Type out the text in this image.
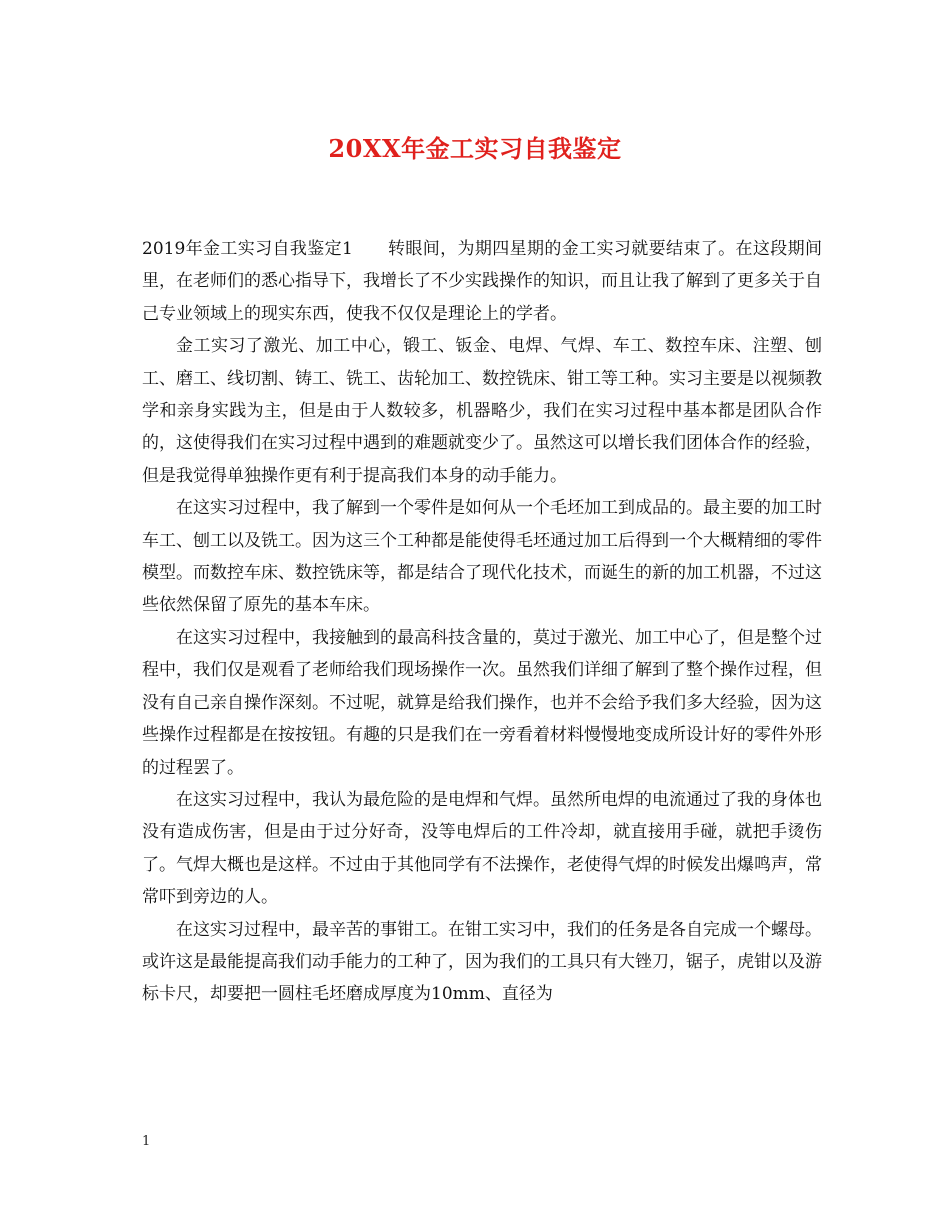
20XX年金工实习自我鉴定

2019年金工实习自我鉴定1　　转眼间，为期四星期的金工实习就要结束了。在这段期间里，在老师们的悉心指导下，我增长了不少实践操作的知识，而且让我了解到了更多关于自己专业领域上的现实东西，使我不仅仅是理论上的学者。

金工实习了激光、加工中心，锻工、钣金、电焊、气焊、车工、数控车床、注塑、刨工、磨工、线切割、铸工、铣工、齿轮加工、数控铣床、钳工等工种。实习主要是以视频教学和亲身实践为主，但是由于人数较多，机器略少，我们在实习过程中基本都是团队合作的，这使得我们在实习过程中遇到的难题就变少了。虽然这可以增长我们团体合作的经验，但是我觉得单独操作更有利于提高我们本身的动手能力。

在这实习过程中，我了解到一个零件是如何从一个毛坯加工到成品的。最主要的加工时车工、刨工以及铣工。因为这三个工种都是能使得毛坯通过加工后得到一个大概精细的零件模型。而数控车床、数控铣床等，都是结合了现代化技术，而诞生的新的加工机器，不过这些依然保留了原先的基本车床。

在这实习过程中，我接触到的最高科技含量的，莫过于激光、加工中心了，但是整个过程中，我们仅是观看了老师给我们现场操作一次。虽然我们详细了解到了整个操作过程，但没有自己亲自操作深刻。不过呢，就算是给我们操作，也并不会给予我们多大经验，因为这些操作过程都是在按按钮。有趣的只是我们在一旁看着材料慢慢地变成所设计好的零件外形的过程罢了。

在这实习过程中，我认为最危险的是电焊和气焊。虽然所电焊的电流通过了我的身体也没有造成伤害，但是由于过分好奇，没等电焊后的工件冷却，就直接用手碰，就把手烫伤了。气焊大概也是这样。不过由于其他同学有不法操作，老使得气焊的时候发出爆鸣声，常常吓到旁边的人。

在这实习过程中，最辛苦的事钳工。在钳工实习中，我们的任务是各自完成一个螺母。或许这是最能提高我们动手能力的工种了，因为我们的工具只有大锉刀，锯子，虎钳以及游标卡尺，却要把一圆柱毛坯磨成厚度为10mm、直径为

1
